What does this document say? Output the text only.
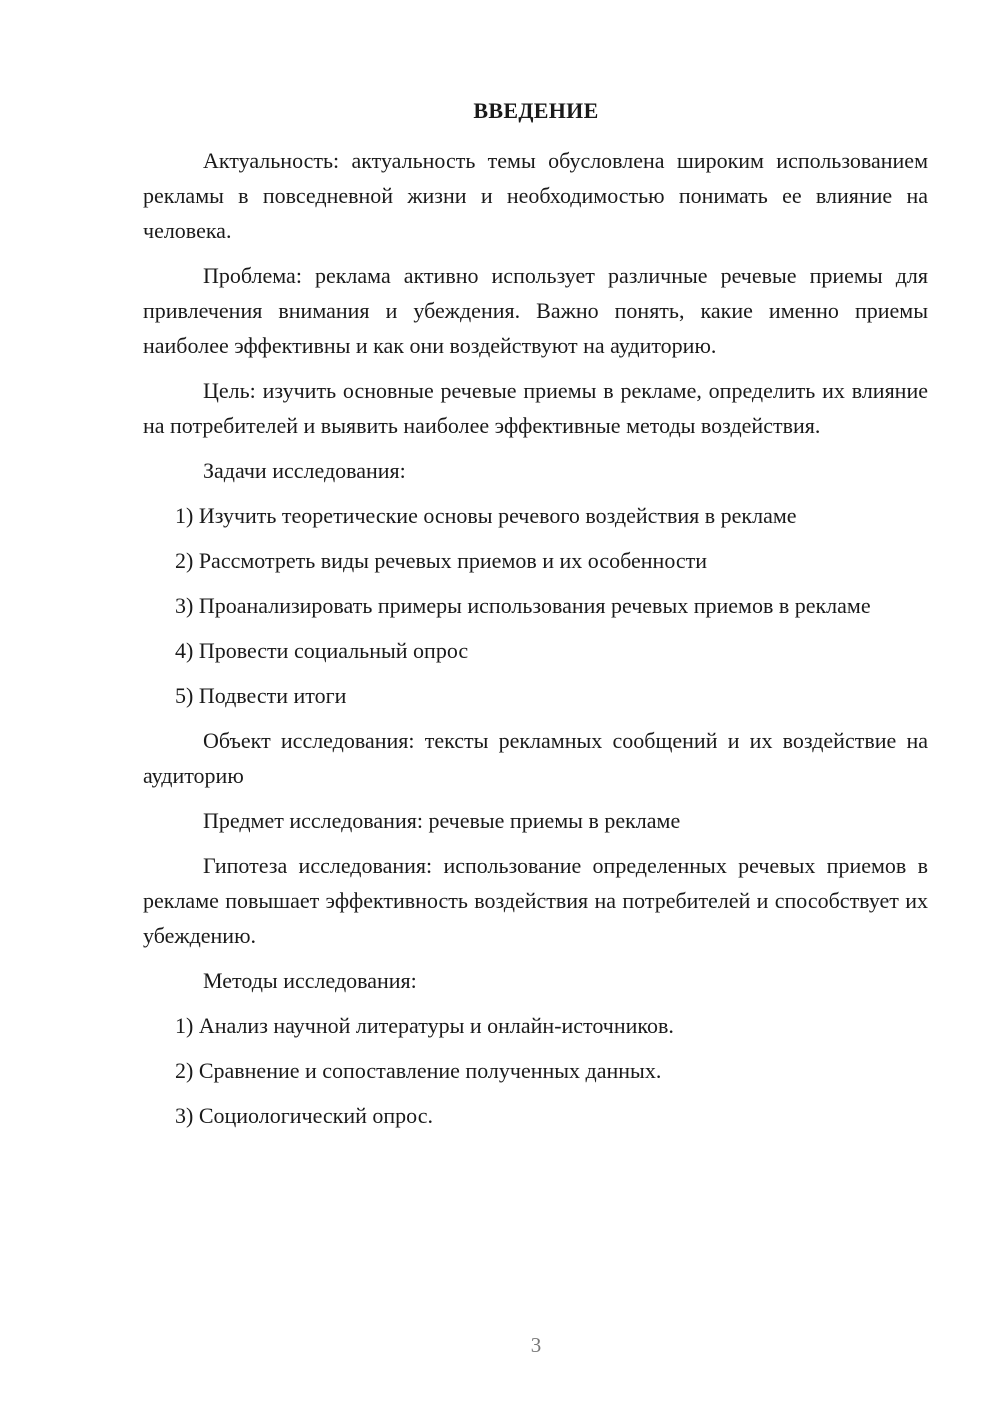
ВВЕДЕНИЕ

Актуальность: актуальность темы обусловлена широким использованием рекламы в повседневной жизни и необходимостью понимать ее влияние на человека.

Проблема: реклама активно использует различные речевые приемы для привлечения внимания и убеждения. Важно понять, какие именно приемы наиболее эффективны и как они воздействуют на аудиторию.

Цель: изучить основные речевые приемы в рекламе, определить их влияние на потребителей и выявить наиболее эффективные методы воздействия.

Задачи исследования:

1) Изучить теоретические основы речевого воздействия в рекламе

2) Рассмотреть виды речевых приемов и их особенности

3) Проанализировать примеры использования речевых приемов в рекламе

4) Провести социальный опрос

5) Подвести итоги

Объект исследования: тексты рекламных сообщений и их воздействие на аудиторию

Предмет исследования: речевые приемы в рекламе

Гипотеза исследования: использование определенных речевых приемов в рекламе повышает эффективность воздействия на потребителей и способствует их убеждению.

Методы исследования:

1) Анализ научной литературы и онлайн-источников.

2) Сравнение и сопоставление полученных данных.

3) Социологический опрос.

3
